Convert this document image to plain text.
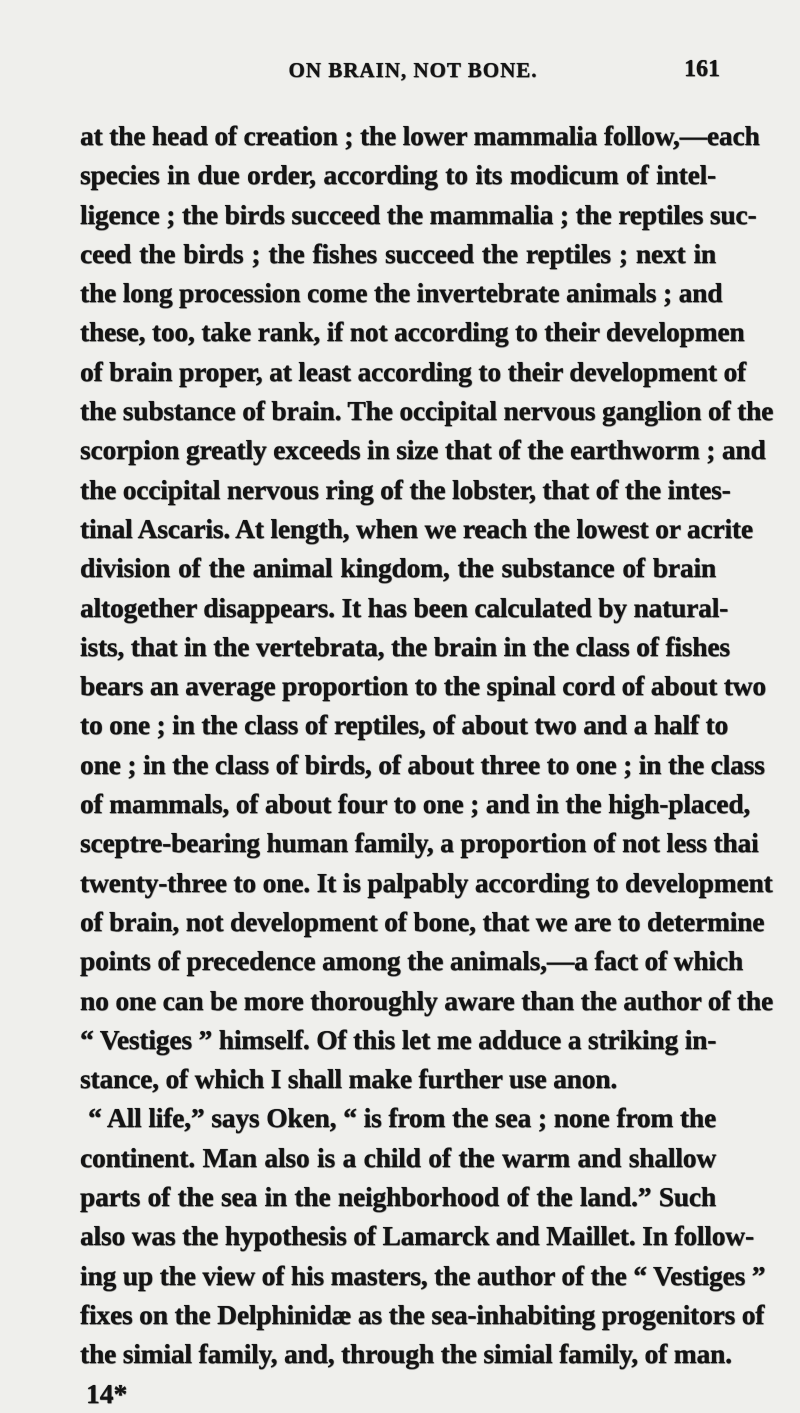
ON BRAIN, NOT BONE.	161
at the head of creation ; the lower mammalia follow,—each
species in due order, according to its modicum of intel-
ligence ; the birds succeed the mammalia ; the reptiles suc-
ceed the birds ; the fishes succeed the reptiles ; next in
the long procession come the invertebrate animals ; and
these, too, take rank, if not according to their developmen
of brain proper, at least according to their development of
the substance of brain. The occipital nervous ganglion of the
scorpion greatly exceeds in size that of the earthworm ; and
the occipital nervous ring of the lobster, that of the intes-
tinal Ascaris. At length, when we reach the lowest or acrite
division of the animal kingdom, the substance of brain
altogether disappears. It has been calculated by natural-
ists, that in the vertebrata, the brain in the class of fishes
bears an average proportion to the spinal cord of about two
to one ; in the class of reptiles, of about two and a half to
one ; in the class of birds, of about three to one ; in the class
of mammals, of about four to one ; and in the high-placed,
sceptre-bearing human family, a proportion of not less thai
twenty-three to one. It is palpably according to development
of brain, not development of bone, that we are to determine
points of precedence among the animals,—a fact of which
no one can be more thoroughly aware than the author of the
“ Vestiges ” himself. Of this let me adduce a striking in-
stance, of which I shall make further use anon.
“ All life,” says Oken, “ is from the sea ; none from the
continent. Man also is a child of the warm and shallow
parts of the sea in the neighborhood of the land.” Such
also was the hypothesis of Lamarck and Maillet. In follow-
ing up the view of his masters, the author of the “ Vestiges ”
fixes on the Delphinidæ as the sea-inhabiting progenitors of
the simial family, and, through the simial family, of man.
14*
